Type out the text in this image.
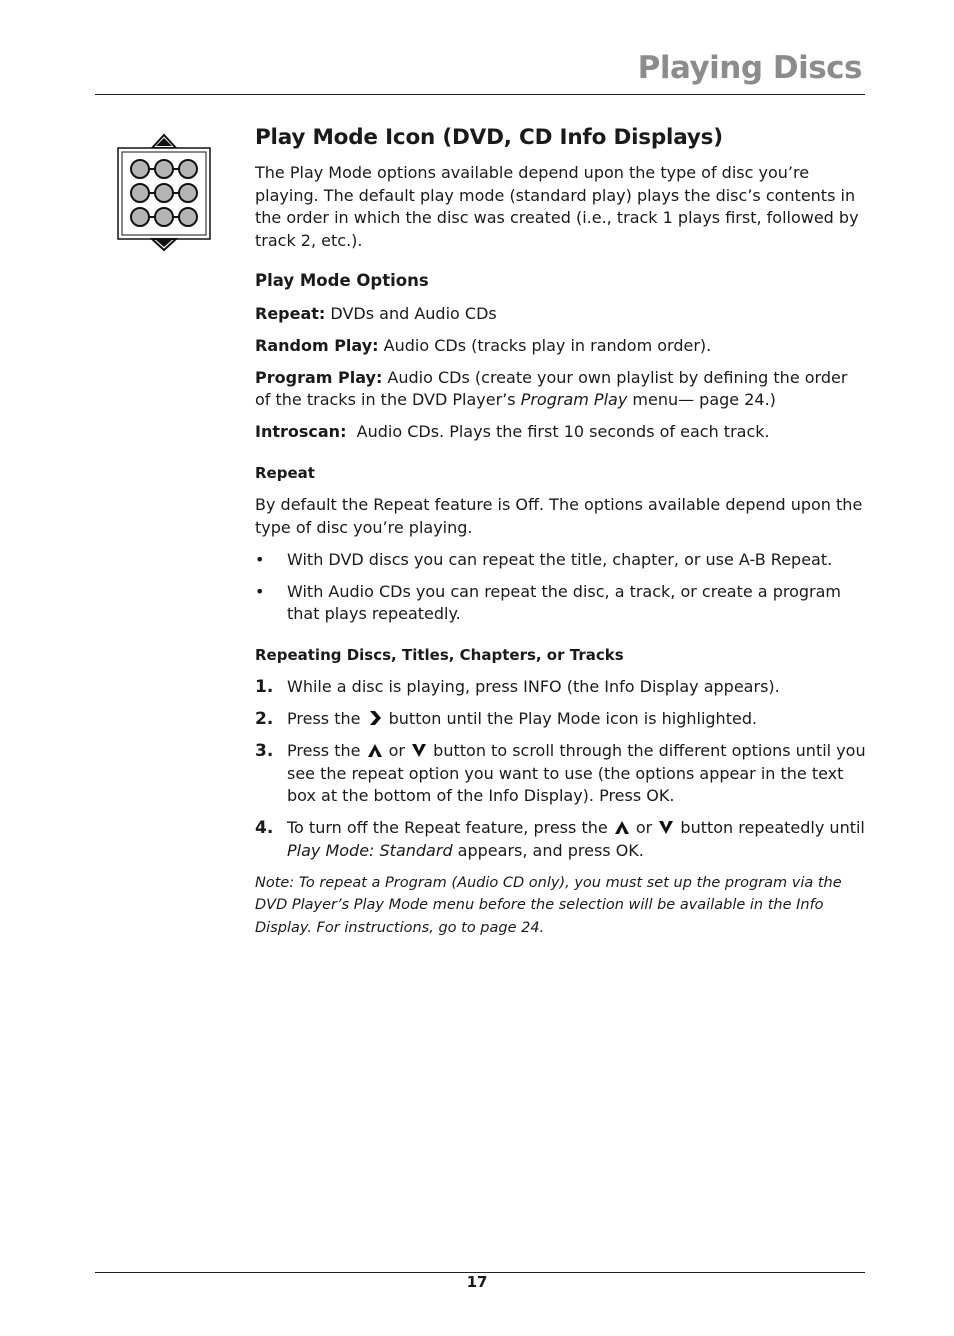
Playing Discs
Play Mode Icon (DVD, CD Info Displays)

The Play Mode options available depend upon the type of disc you’re playing. The default play mode (standard play) plays the disc’s contents in the order in which the disc was created (i.e., track 1 plays first, followed by track 2, etc.).

Play Mode Options

Repeat: DVDs and Audio CDs

Random Play: Audio CDs (tracks play in random order).

Program Play: Audio CDs (create your own playlist by defining the order of the tracks in the DVD Player’s Program Play menu— page 24.)

Introscan:  Audio CDs. Plays the first 10 seconds of each track.

Repeat

By default the Repeat feature is Off. The options available depend upon the type of disc you’re playing.

• With DVD discs you can repeat the title, chapter, or use A-B Repeat.
• With Audio CDs you can repeat the disc, a track, or create a program that plays repeatedly.
Repeating Discs, Titles, Chapters, or Tracks
1. While a disc is playing, press INFO (the Info Display appears).
2. Press the  button until the Play Mode icon is highlighted.
3. Press the  or  button to scroll through the different options until you see the repeat option you want to use (the options appear in the text box at the bottom of the Info Display). Press OK.
4. To turn off the Repeat feature, press the  or  button repeatedly until Play Mode: Standard appears, and press OK.

Note: To repeat a Program (Audio CD only), you must set up the program via the DVD Player’s Play Mode menu before the selection will be available in the Info Display. For instructions, go to page 24.

17
